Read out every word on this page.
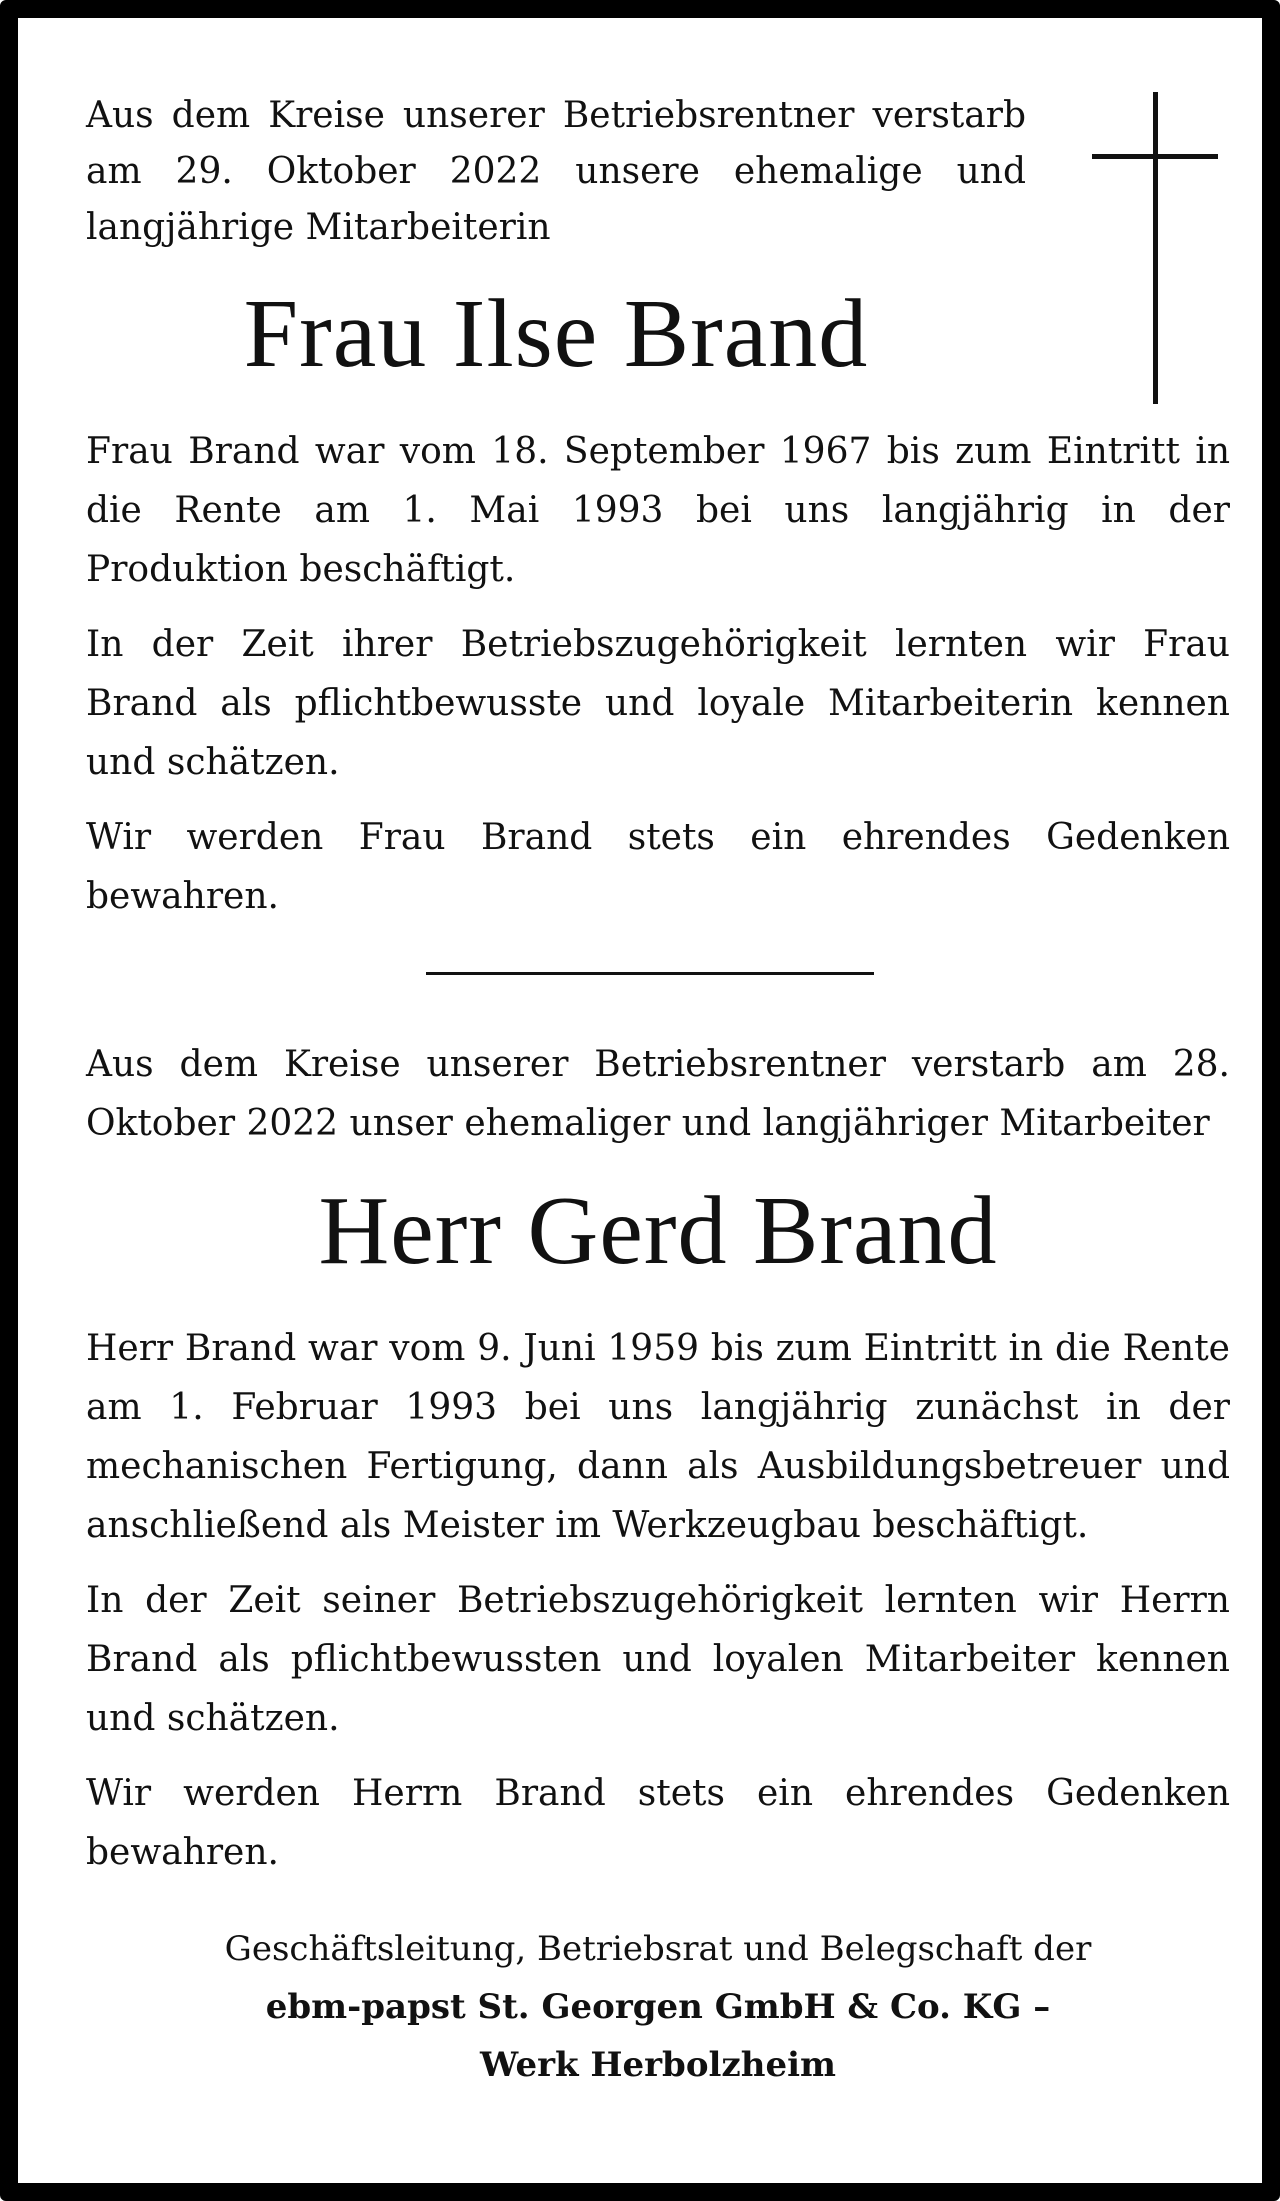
Aus dem Kreise unserer Betriebsrentner verstarb am 29. Oktober 2022 unsere ehemalige und langjährige Mitarbeiterin

Frau Ilse Brand

Frau Brand war vom 18. September 1967 bis zum Eintritt in die Rente am 1. Mai 1993 bei uns langjährig in der Produktion beschäftigt.

In der Zeit ihrer Betriebszugehörigkeit lernten wir Frau Brand als pflichtbewusste und loyale Mitarbeiterin kennen und schätzen.

Wir werden Frau Brand stets ein ehrendes Gedenken bewahren.

Aus dem Kreise unserer Betriebsrentner verstarb am 28. Oktober 2022 unser ehemaliger und langjähriger Mitarbeiter

Herr Gerd Brand

Herr Brand war vom 9. Juni 1959 bis zum Eintritt in die Rente am 1. Februar 1993 bei uns langjährig zunächst in der mechanischen Fertigung, dann als Ausbildungsbetreuer und anschließend als Meister im Werkzeugbau beschäftigt.

In der Zeit seiner Betriebszugehörigkeit lernten wir Herrn Brand als pflichtbewussten und loyalen Mitarbeiter kennen und schätzen.

Wir werden Herrn Brand stets ein ehrendes Gedenken bewahren.

Geschäftsleitung, Betriebsrat und Belegschaft der
ebm-papst St. Georgen GmbH & Co. KG –
Werk Herbolzheim
